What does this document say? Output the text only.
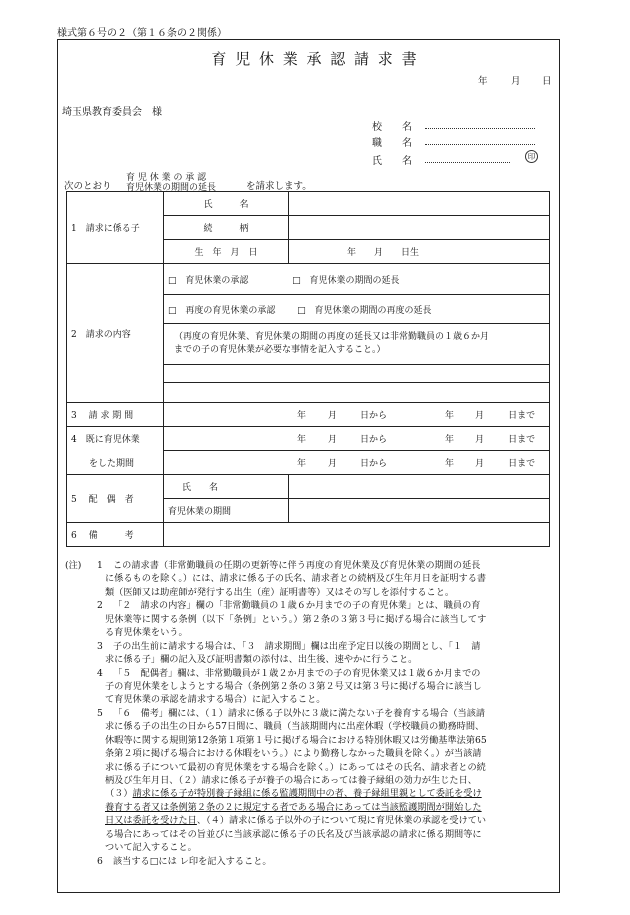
様式第６号の２（第１６条の２関係）
育 児 休 業 承 認 請 求 書
年 月 日
埼玉県教育委員会　様
校　　名
職　　名
氏　　名	印
次のとおり
育 児 休 業 の 承 認
育児休業の期間の延長	を請求します。
1　請求に係る子	氏　　　名	
	続　　　柄	
	生　年　月　日	年　　月　　日生
2　請求の内容	□ 育児休業の承認 □ 育児休業の期間の延長	
	□ 再度の育児休業の承認 □ 育児休業の期間の再度の延長	

	（再度の育児休業、育児休業の期間の再度の延長又は非常勤職員の１歳６か月
までの子の育児休業が必要な事情を記入すること。）	

3　 請 求 期 間	年 月 日から 年 月 日まで	
4　既に育児休業	年 月 日から 年 月 日まで	
をした期間	年 月 日から 年 月 日まで	
5　 配　偶　者	氏　　名	
	育児休業の期間	
6　 備　　　考		
(注) 1 この請求書（非常勤職員の任期の更新等に伴う再度の育児休業及び育児休業の期間の延長
に係るものを除く。）には、請求に係る子の氏名、請求者との続柄及び生年月日を証明する書
類（医師又は助産師が発行する出生（産）証明書等）又はその写しを添付すること。
2 「２　請求の内容」欄の「非常勤職員の１歳６か月までの子の育児休業」とは、職員の育
児休業等に関する条例（以下「条例」という。）第２条の３第３号に掲げる場合に該当してす
る育児休業をいう。
3 子の出生前に請求する場合は、「３　請求期間」欄は出産予定日以後の期間とし、「１　請
求に係る子」欄の記入及び証明書類の添付は、出生後、速やかに行うこと。
4 「５　配偶者」欄は、非常勤職員が１歳２か月までの子の育児休業又は１歳６か月までの
子の育児休業をしようとする場合（条例第２条の３第２号又は第３号に掲げる場合に該当し
て育児休業の承認を請求する場合）に記入すること。
5 「６　備考」欄には、（１）請求に係る子以外に３歳に満たない子を養育する場合（当該請
求に係る子の出生の日から57日間に、職員（当該期間内に出産休暇（学校職員の勤務時間、
休暇等に関する規則第12条第１項第１号に掲げる場合における特別休暇又は労働基準法第65
条第２項に掲げる場合における休暇をいう。）により勤務しなかった職員を除く。）が当該請
求に係る子について最初の育児休業をする場合を除く。）にあってはその氏名、請求者との続
柄及び生年月日、（２）請求に係る子が養子の場合にあっては養子縁組の効力が生じた日、
（３）請求に係る子が特別養子縁組に係る監護期間中の者、養子縁組里親として委託を受け
養育する者又は条例第２条の２に規定する者である場合にあっては当該監護期間が開始した
日又は委託を受けた日、（４）請求に係る子以外の子について現に育児休業の承認を受けてい
る場合にあってはその旨並びに当該承認に係る子の氏名及び当該承認の請求に係る期間等に
ついて記入すること。
6 該当する□には レ印を記入すること。
